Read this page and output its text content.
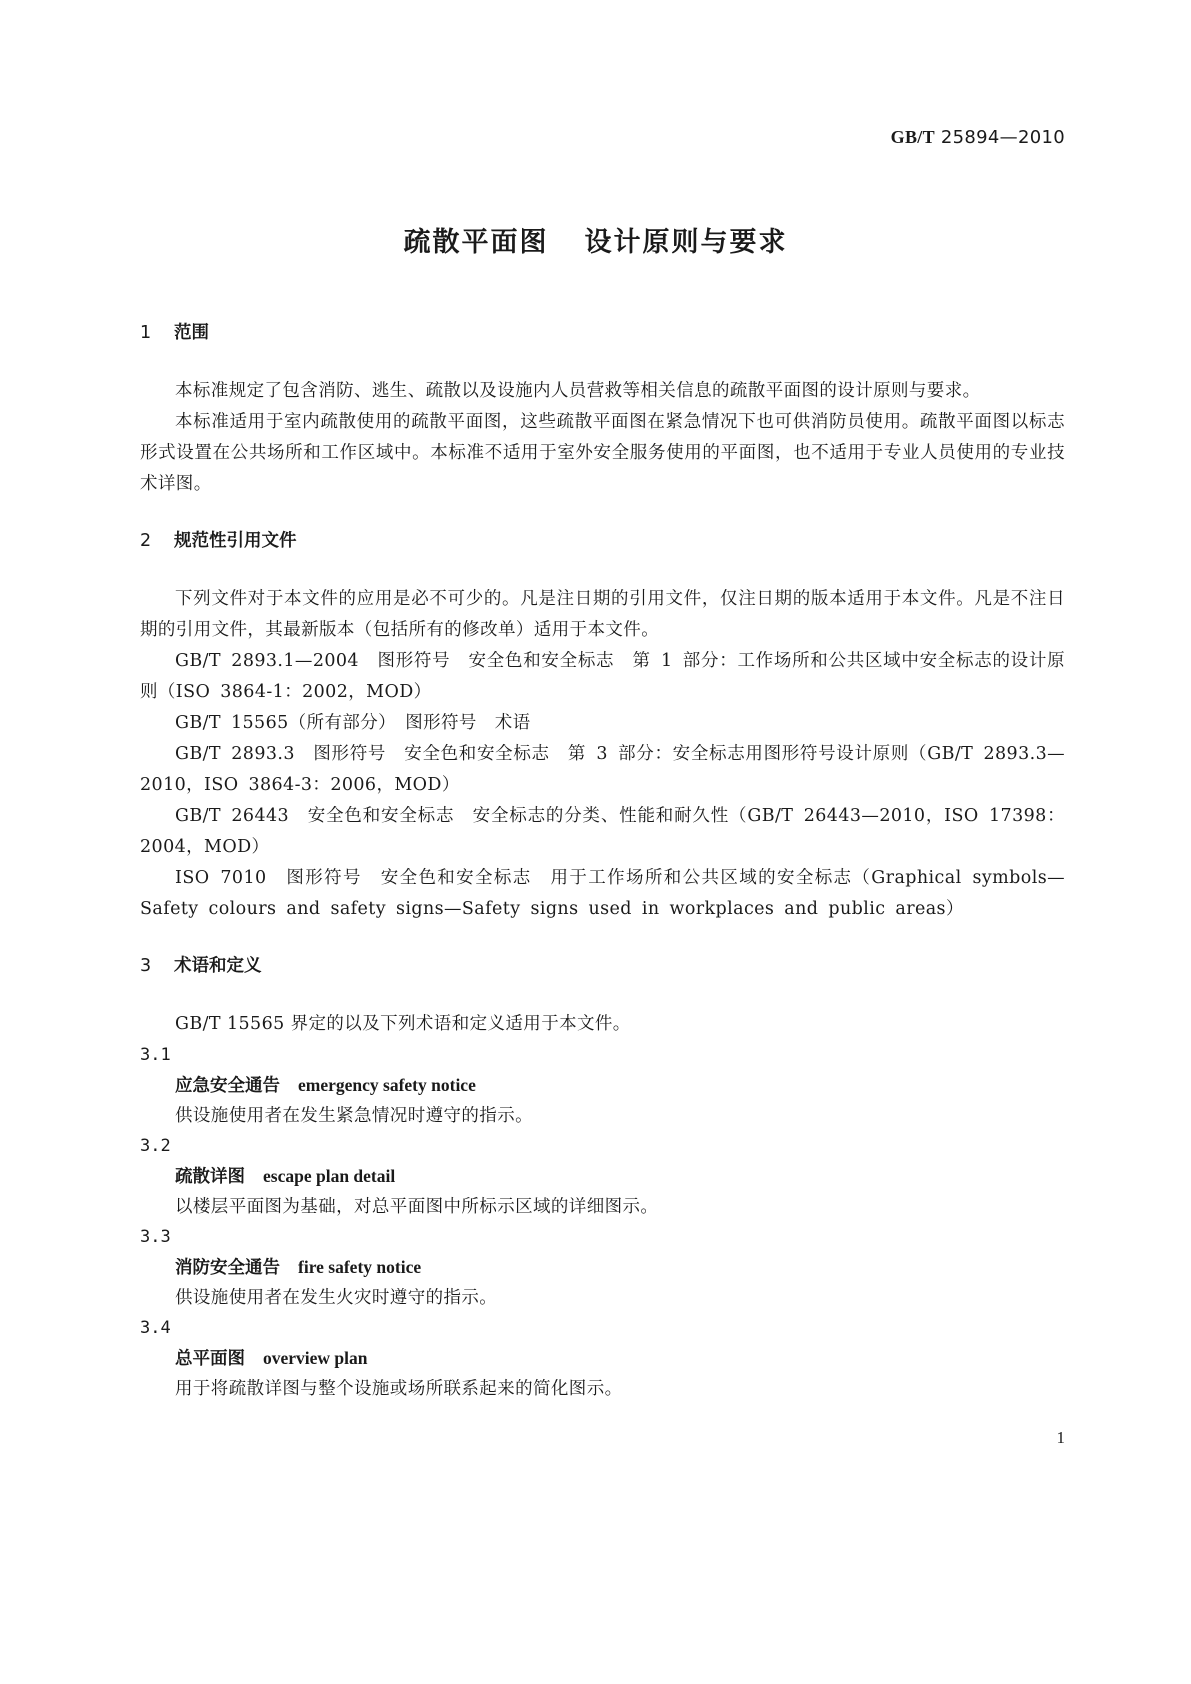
GB/T 25894—2010
疏散平面图 设计原则与要求
1 范围

本标准规定了包含消防、逃生、疏散以及设施内人员营救等相关信息的疏散平面图的设计原则与要求。

本标准适用于室内疏散使用的疏散平面图，这些疏散平面图在紧急情况下也可供消防员使用。疏散平面图以标志形式设置在公共场所和工作区域中。本标准不适用于室外安全服务使用的平面图，也不适用于专业人员使用的专业技术详图。

2 规范性引用文件

下列文件对于本文件的应用是必不可少的。凡是注日期的引用文件，仅注日期的版本适用于本文件。凡是不注日期的引用文件，其最新版本（包括所有的修改单）适用于本文件。

GB/T 2893.1—2004　图形符号　安全色和安全标志　第 1 部分：工作场所和公共区域中安全标志的设计原则（ISO 3864-1：2002，MOD）

GB/T 15565（所有部分）　图形符号　术语

GB/T 2893.3　图形符号　安全色和安全标志　第 3 部分：安全标志用图形符号设计原则（GB/T 2893.3—2010，ISO 3864-3：2006，MOD）

GB/T 26443　安全色和安全标志　安全标志的分类、性能和耐久性（GB/T 26443—2010，ISO 17398：2004，MOD）

ISO 7010　图形符号　安全色和安全标志　用于工作场所和公共区域的安全标志（Graphical symbols—Safety colours and safety signs—Safety signs used in workplaces and public areas）

3 术语和定义

GB/T 15565 界定的以及下列术语和定义适用于本文件。

3.1
应急安全通告 emergency safety notice
供设施使用者在发生紧急情况时遵守的指示。
3.2
疏散详图 escape plan detail
以楼层平面图为基础，对总平面图中所标示区域的详细图示。
3.3
消防安全通告 fire safety notice
供设施使用者在发生火灾时遵守的指示。
3.4
总平面图 overview plan
用于将疏散详图与整个设施或场所联系起来的简化图示。
1
